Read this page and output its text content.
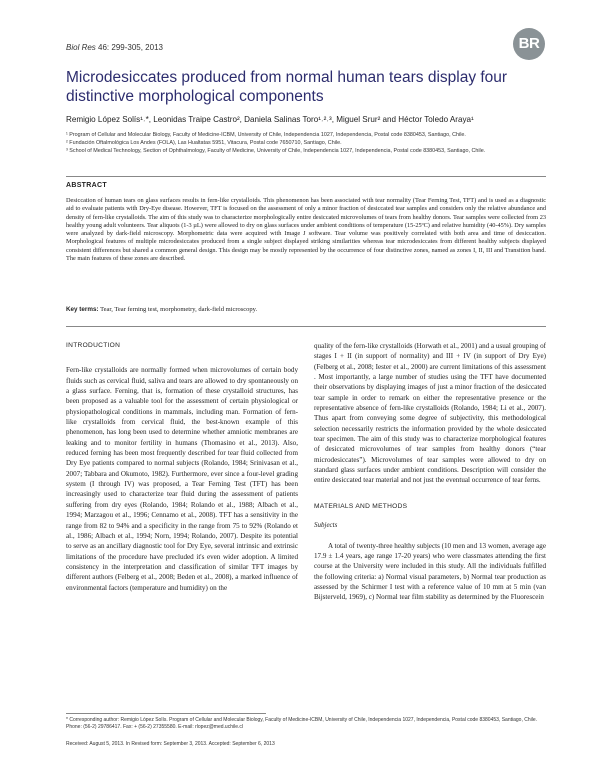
Biol Res 46: 299-305, 2013	BR
Microdesiccates produced from normal human tears display four distinctive morphological components
Remigio López Solís¹˒*, Leonidas Traipe Castro², Daniela Salinas Toro¹˒²˒³, Miguel Srur² and Héctor Toledo Araya¹
¹ Program of Cellular and Molecular Biology, Faculty of Medicine-ICBM, University of Chile, Independencia 1027, Independencia, Postal code 8380453, Santiago, Chile.
² Fundación Oftalmológica Los Andes (FOLA), Las Hualtatas 5951, Vitacura, Postal code 7650710, Santiago, Chile.
³ School of Medical Technology, Section of Ophthalmology, Faculty of Medicine, University of Chile, Independencia 1027, Independencia, Postal code 8380453, Santiago, Chile.
ABSTRACT
Desiccation of human tears on glass surfaces results in fern-like crystalloids. This phenomenon has been associated with tear normality (Tear Ferning Test, TFT) and is used as a diagnostic aid to evaluate patients with Dry-Eye disease. However, TFT is focused on the assessment of only a minor fraction of desiccated tear samples and considers only the relative abundance and density of fern-like crystalloids. The aim of this study was to characterize morphologically entire desiccated microvolumes of tears from healthy donors. Tear samples were collected from 23 healthy young adult volunteers. Tear aliquots (1-3 µL) were allowed to dry on glass surfaces under ambient conditions of temperature (15-25ºC) and relative humidity (40-45%). Dry samples were analyzed by dark-field microscopy. Morphometric data were acquired with Image J software. Tear volume was positively correlated with both area and time of desiccation. Morphological features of multiple microdesiccates produced from a single subject displayed striking similarities whereas tear microdesiccates from different healthy subjects displayed consistent differences but shared a common general design. This design may be mostly represented by the occurrence of four distinctive zones, named as zones I, II, III and Transition band. The main features of these zones are described.
Key terms: Tear, Tear ferning test, morphometry, dark-field microscopy.
INTRODUCTION

Fern-like crystalloids are normally formed when microvolumes of certain body fluids such as cervical fluid, saliva and tears are allowed to dry spontaneously on a glass surface. Ferning, that is, formation of these crystalloid structures, has been proposed as a valuable tool for the assessment of certain physiological or physiopathological conditions in mammals, including man. Formation of fern-like crystalloids from cervical fluid, the best-known example of this phenomenon, has long been used to determine whether amniotic membranes are leaking and to monitor fertility in humans (Thomasino et al., 2013). Also, reduced ferning has been most frequently described for tear fluid collected from Dry Eye patients compared to normal subjects (Rolando, 1984; Srinivasan et al., 2007; Tabbara and Okumoto, 1982). Furthermore, ever since a four-level grading system (I through IV) was proposed, a Tear Ferning Test (TFT) has been increasingly used to characterize tear fluid during the assessment of patients suffering from dry eyes (Rolando, 1984; Rolando et al., 1988; Albach et al., 1994; Marzagou et al., 1996; Cennamo et al., 2008). TFT has a sensitivity in the range from 82 to 94% and a specificity in the range from 75 to 92% (Rolando et al., 1986; Albach et al., 1994; Norn, 1994; Rolando, 2007). Despite its potential to serve as an ancillary diagnostic tool for Dry Eye, several intrinsic and extrinsic limitations of the procedure have precluded it's even wider adoption. A limited consistency in the interpretation and classification of similar TFT images by different authors (Felberg et al., 2008; Beden et al., 2008), a marked influence of environmental factors (temperature and humidity) on the

quality of the fern-like crystalloids (Horwath et al., 2001) and a usual grouping of stages I + II (in support of normality) and III + IV (in support of Dry Eye) (Felberg et al., 2008; Iester et al., 2000) are current limitations of this assessment . Most importantly, a large number of studies using the TFT have documented their observations by displaying images of just a minor fraction of the desiccated tear sample in order to remark on either the representative presence or the representative absence of fern-like crystalloids (Rolando, 1984; Li et al., 2007). Thus apart from conveying some degree of subjectivity, this methodological selection necessarily restricts the information provided by the whole desiccated tear specimen. The aim of this study was to characterize morphological features of desiccated microvolumes of tear samples from healthy donors (“tear microdesiccates”). Microvolumes of tear samples were allowed to dry on standard glass surfaces under ambient conditions. Description will consider the entire desiccated tear material and not just the eventual occurrence of tear ferns.

MATERIALS AND METHODS
Subjects

A total of twenty-three healthy subjects (10 men and 13 women, average age 17.9 ± 1.4 years, age range 17-20 years) who were classmates attending the first course at the University were included in this study. All the individuals fulfilled the following criteria: a) Normal visual parameters, b) Normal tear production as assessed by the Schirmer I test with a reference value of 10 mm at 5 min (van Bijsterveld, 1969), c) Normal tear film stability as determined by the Fluorescein

* Corresponding author: Remigio López Solís. Program of Cellular and Molecular Biology, Faculty of Medicine-ICBM, University of Chile, Independencia 1027, Independencia, Postal code 8380453, Santiago, Chile. Phone: (56-2) 29786417. Fax: + (56-2) 27355580. E-mail: rlopez@med.uchile.cl
Received: August 5, 2013. In Revised form: September 3, 2013. Accepted: September 6, 2013
